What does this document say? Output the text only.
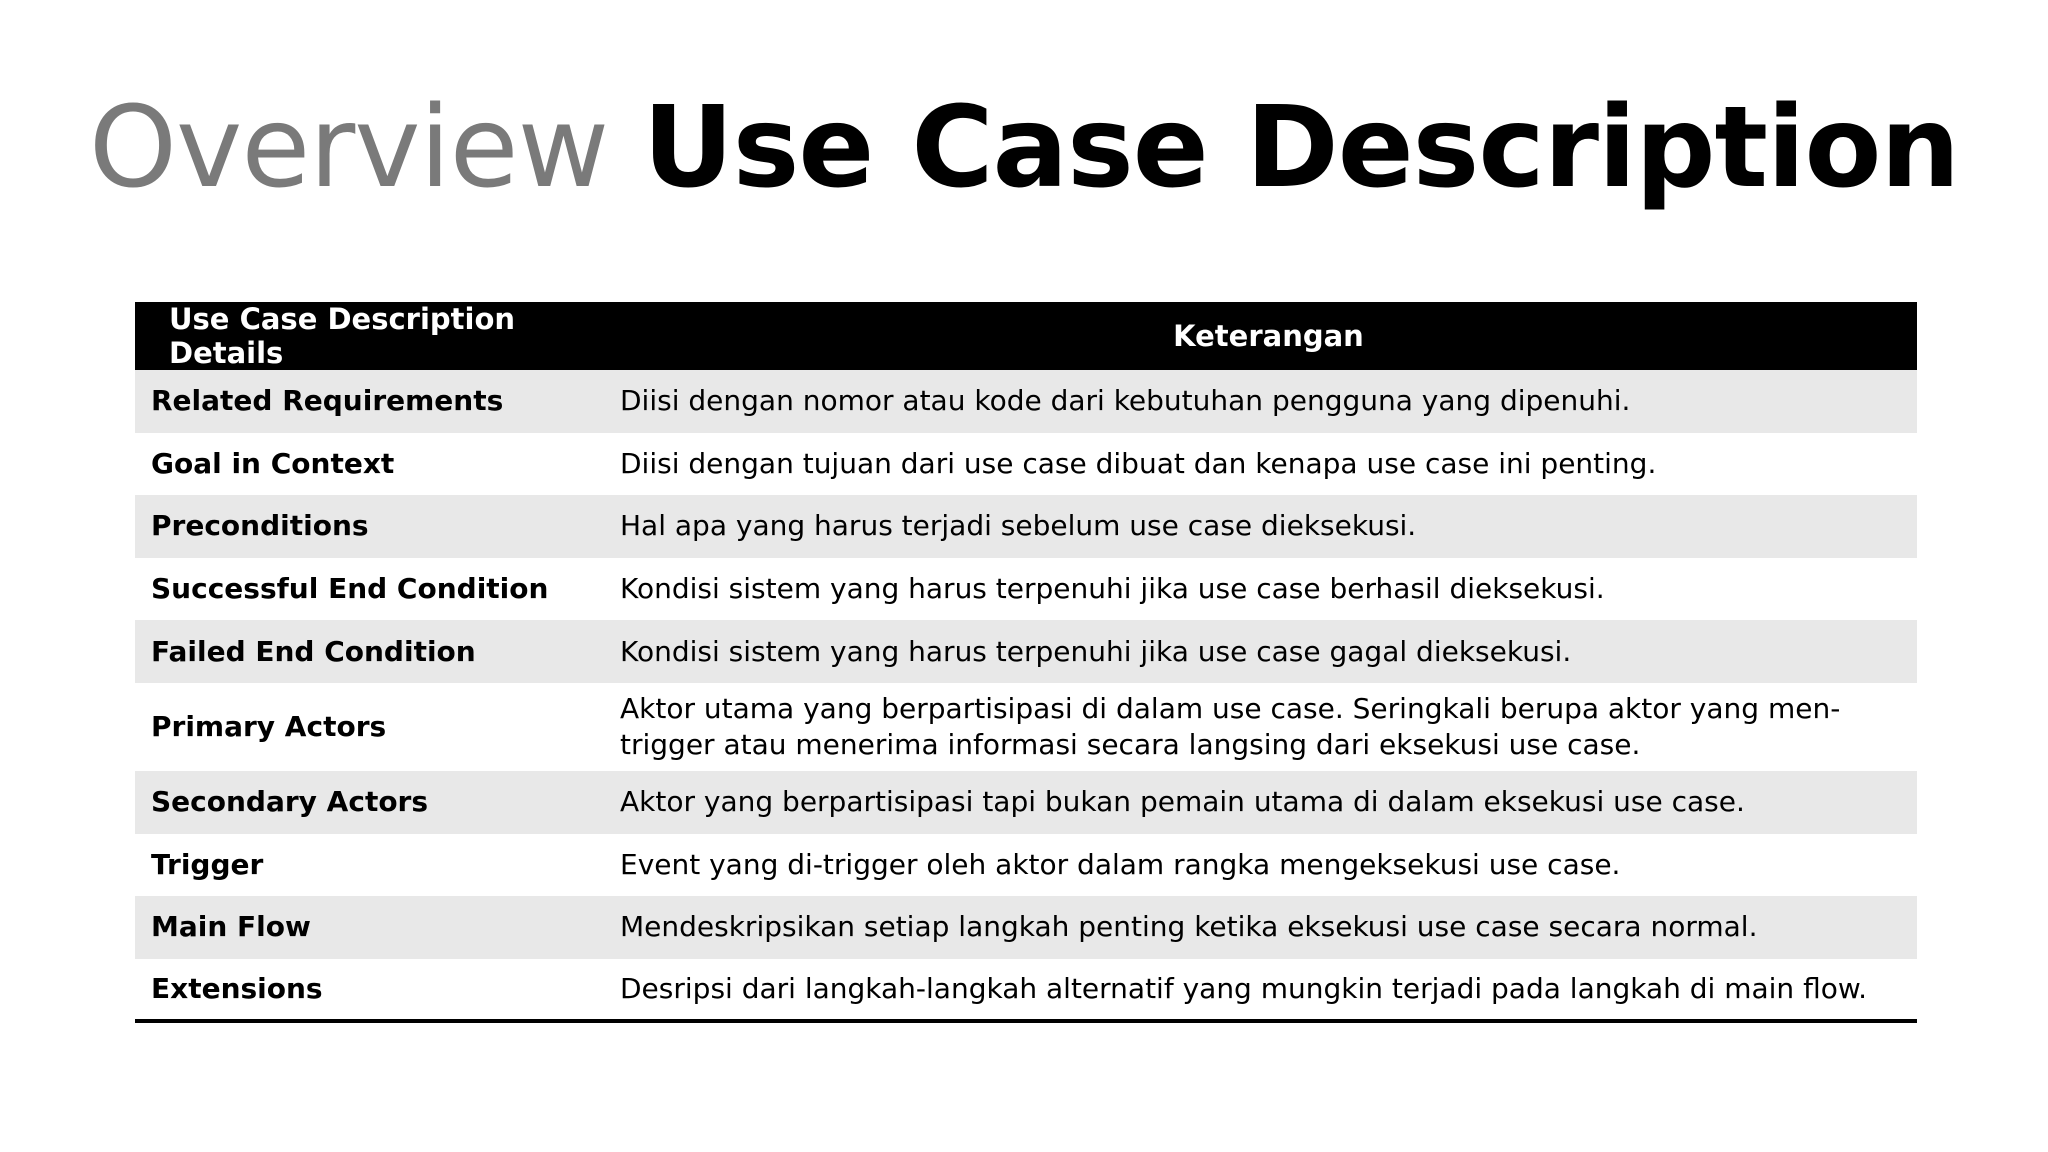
Overview Use Case Description
Use Case Description Details	Keterangan
Related Requirements	Diisi dengan nomor atau kode dari kebutuhan pengguna yang dipenuhi.
Goal in Context	Diisi dengan tujuan dari use case dibuat dan kenapa use case ini penting.
Preconditions	Hal apa yang harus terjadi sebelum use case dieksekusi.
Successful End Condition	Kondisi sistem yang harus terpenuhi jika use case berhasil dieksekusi.
Failed End Condition	Kondisi sistem yang harus terpenuhi jika use case gagal dieksekusi.
Primary Actors	Aktor utama yang berpartisipasi di dalam use case. Seringkali berupa aktor yang men-trigger atau menerima informasi secara langsing dari eksekusi use case.
Secondary Actors	Aktor yang berpartisipasi tapi bukan pemain utama di dalam eksekusi use case.
Trigger	Event yang di-trigger oleh aktor dalam rangka mengeksekusi use case.
Main Flow	Mendeskripsikan setiap langkah penting ketika eksekusi use case secara normal.
Extensions	Desripsi dari langkah-langkah alternatif yang mungkin terjadi pada langkah di main flow.
